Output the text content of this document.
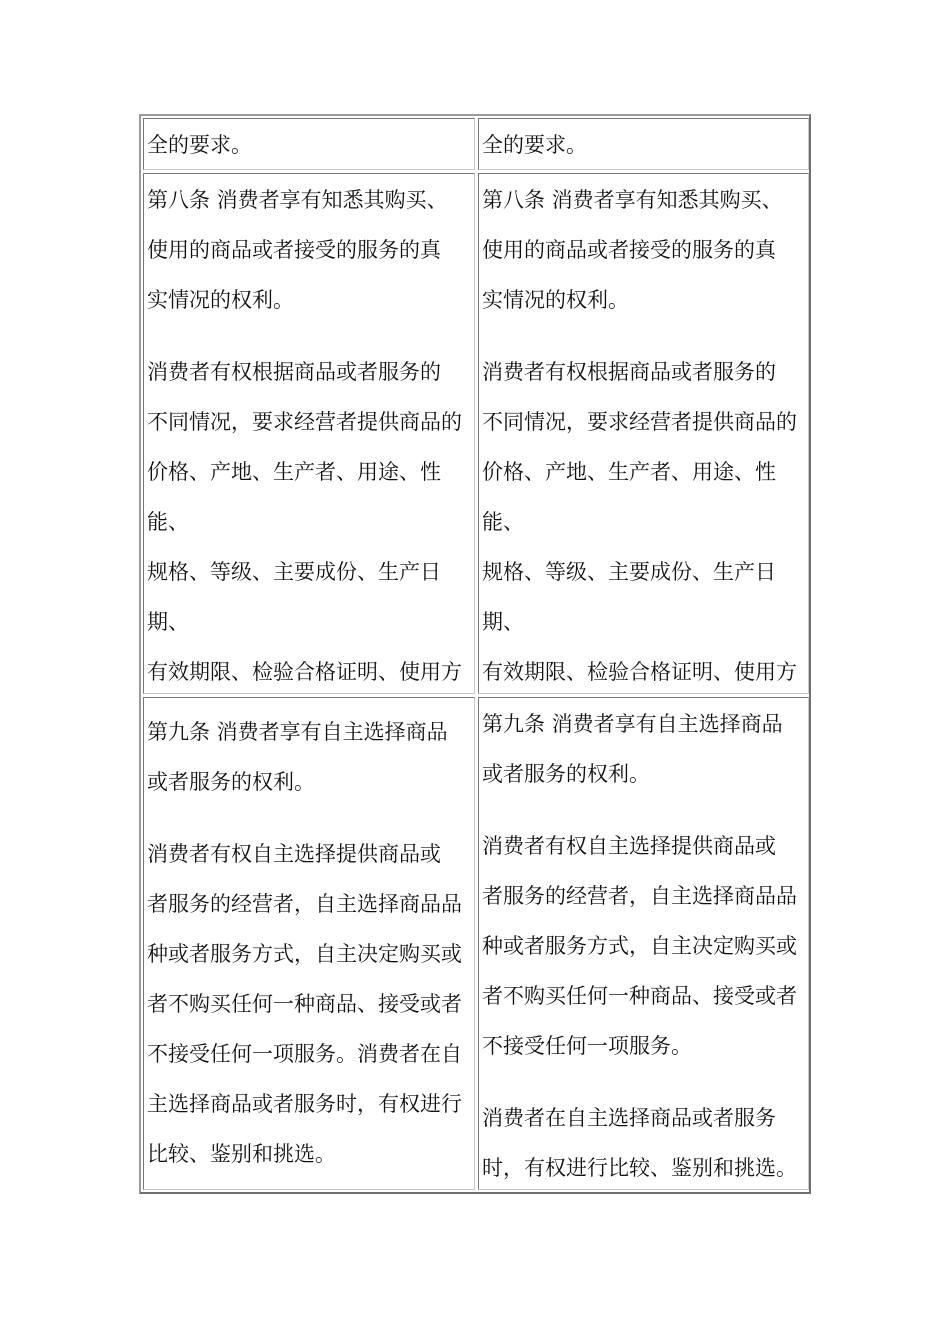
全的要求。	全的要求。

第八条 消费者享有知悉其购买、
使用的商品或者接受的服务的真
实情况的权利。

消费者有权根据商品或者服务的
不同情况，要求经营者提供商品的
价格、产地、生产者、用途、性能、
规格、等级、主要成份、生产日期、
有效期限、检验合格证明、使用方

第八条 消费者享有知悉其购买、
使用的商品或者接受的服务的真
实情况的权利。

消费者有权根据商品或者服务的
不同情况，要求经营者提供商品的
价格、产地、生产者、用途、性能、
规格、等级、主要成份、生产日期、
有效期限、检验合格证明、使用方

第九条 消费者享有自主选择商品
或者服务的权利。

消费者有权自主选择提供商品或
者服务的经营者，自主选择商品品
种或者服务方式，自主决定购买或
者不购买任何一种商品、接受或者
不接受任何一项服务。消费者在自
主选择商品或者服务时，有权进行
比较、鉴别和挑选。

第九条 消费者享有自主选择商品
或者服务的权利。

消费者有权自主选择提供商品或
者服务的经营者，自主选择商品品
种或者服务方式，自主决定购买或
者不购买任何一种商品、接受或者
不接受任何一项服务。

消费者在自主选择商品或者服务
时，有权进行比较、鉴别和挑选。
